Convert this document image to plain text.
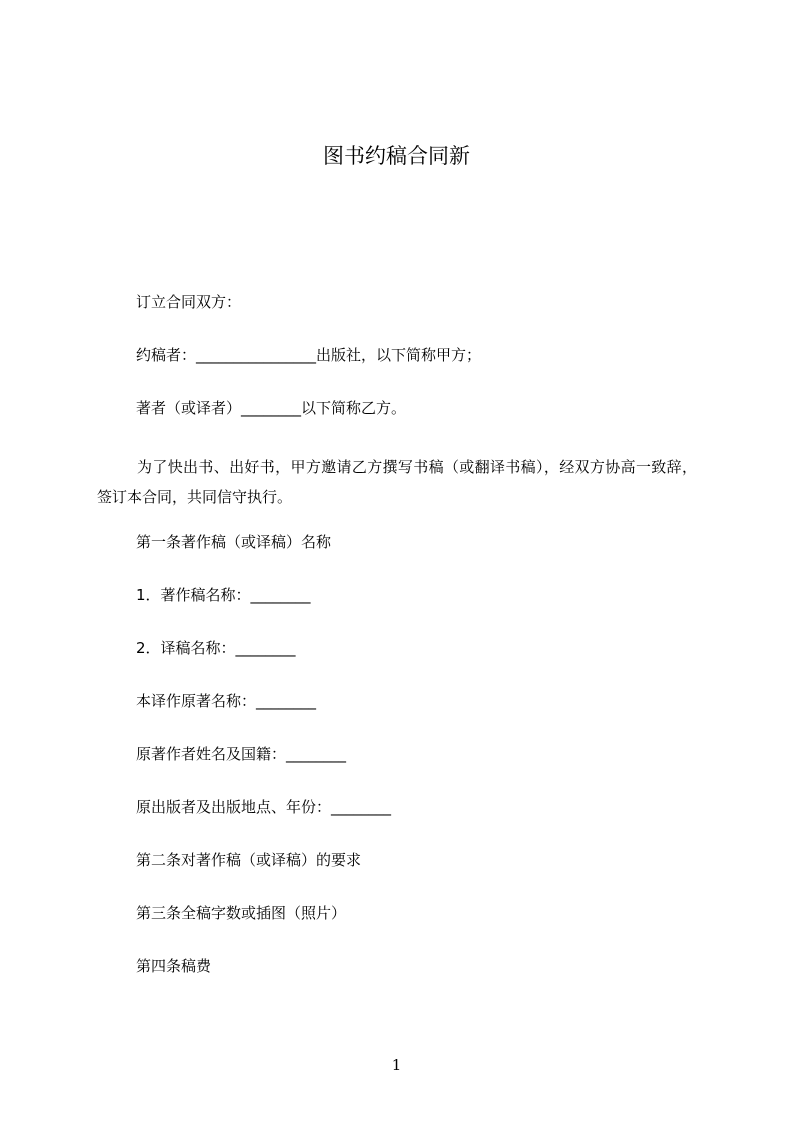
图书约稿合同新
订立合同双方：
约稿者：________________出版社，以下简称甲方；
著者（或译者）________以下简称乙方。
为了快出书、出好书，甲方邀请乙方撰写书稿（或翻译书稿），经双方协高一致辞，签订本合同，共同信守执行。
第一条著作稿（或译稿）名称
1．著作稿名称：________
2．译稿名称：________
本译作原著名称：________
原著作者姓名及国籍：________
原出版者及出版地点、年份：________
第二条对著作稿（或译稿）的要求
第三条全稿字数或插图（照片）
第四条稿费
1
